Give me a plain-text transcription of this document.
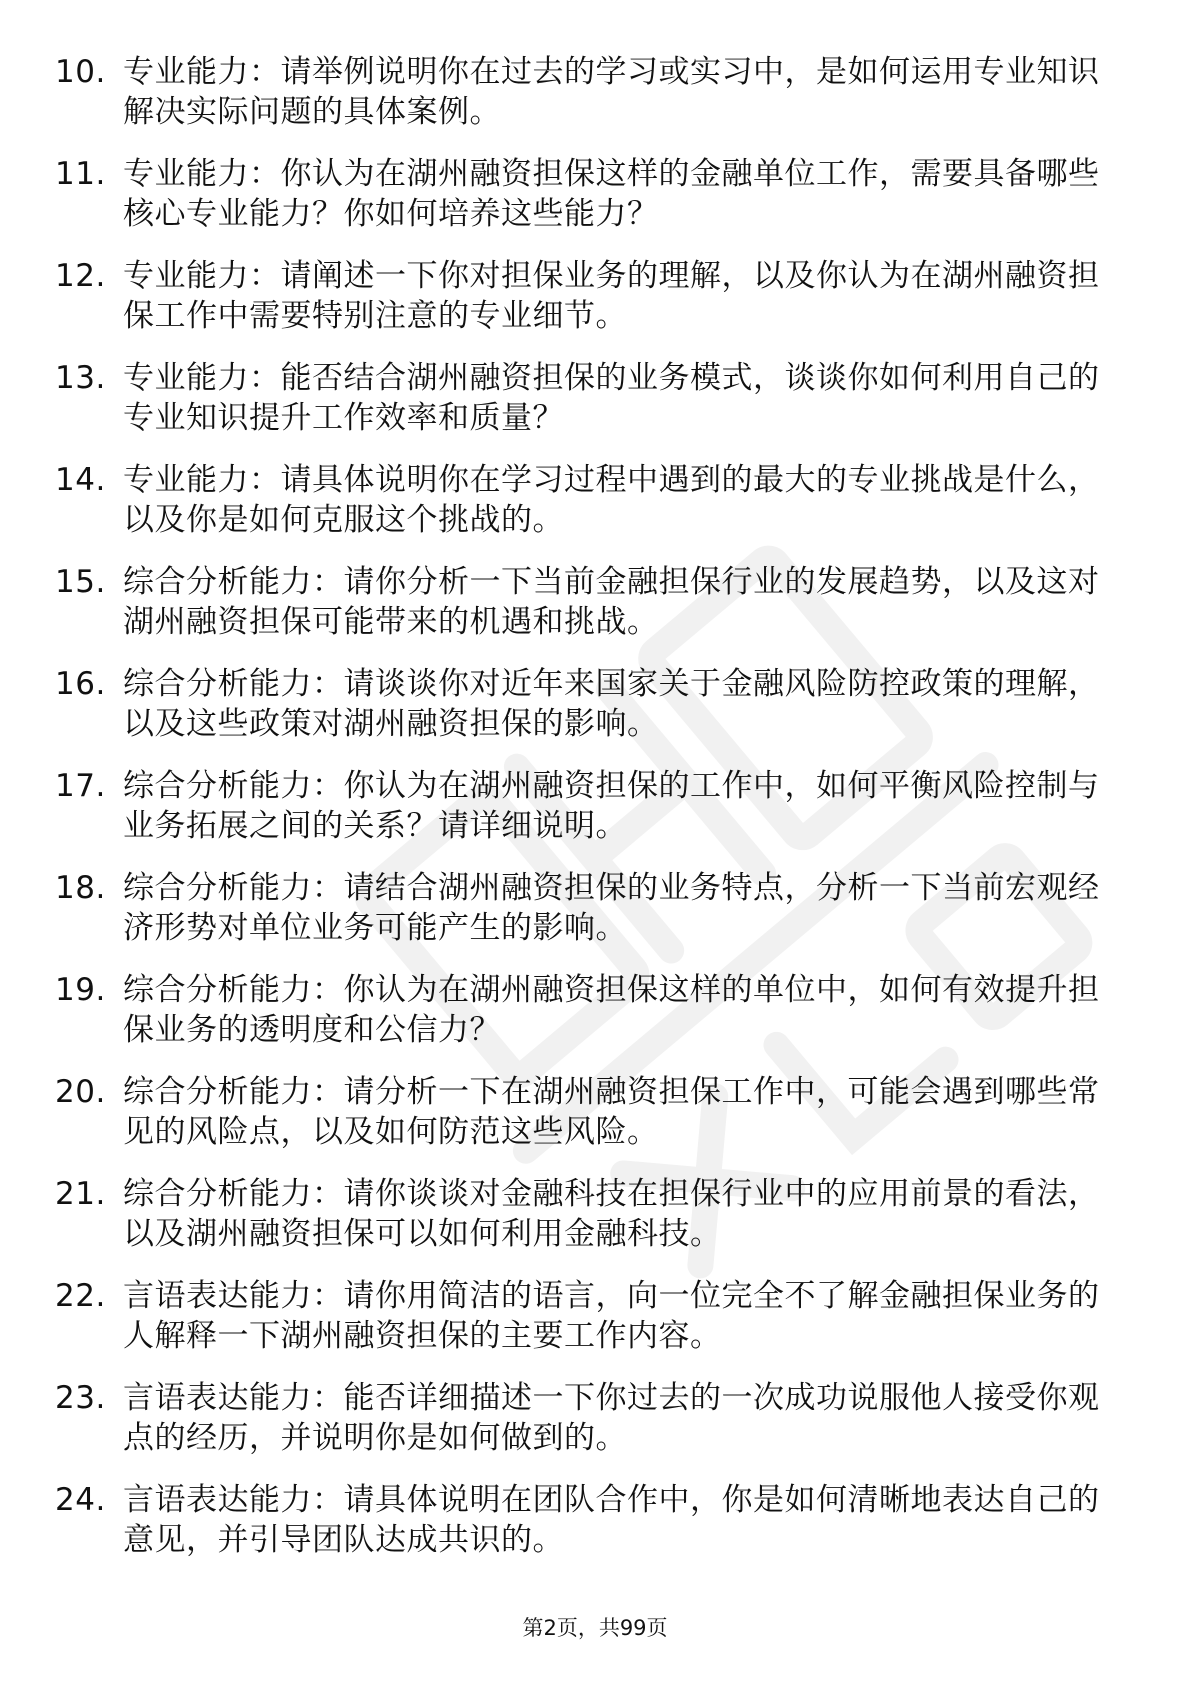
10. 专业能力：请举例说明你在过去的学习或实习中，是如何运用专业知识解决实际问题的具体案例。
11. 专业能力：你认为在湖州融资担保这样的金融单位工作，需要具备哪些核心专业能力？你如何培养这些能力？
12. 专业能力：请阐述一下你对担保业务的理解，以及你认为在湖州融资担保工作中需要特别注意的专业细节。
13. 专业能力：能否结合湖州融资担保的业务模式，谈谈你如何利用自己的专业知识提升工作效率和质量？
14. 专业能力：请具体说明你在学习过程中遇到的最大的专业挑战是什么，以及你是如何克服这个挑战的。
15. 综合分析能力：请你分析一下当前金融担保行业的发展趋势，以及这对湖州融资担保可能带来的机遇和挑战。
16. 综合分析能力：请谈谈你对近年来国家关于金融风险防控政策的理解，以及这些政策对湖州融资担保的影响。
17. 综合分析能力：你认为在湖州融资担保的工作中，如何平衡风险控制与业务拓展之间的关系？请详细说明。
18. 综合分析能力：请结合湖州融资担保的业务特点，分析一下当前宏观经济形势对单位业务可能产生的影响。
19. 综合分析能力：你认为在湖州融资担保这样的单位中，如何有效提升担保业务的透明度和公信力？
20. 综合分析能力：请分析一下在湖州融资担保工作中，可能会遇到哪些常见的风险点，以及如何防范这些风险。
21. 综合分析能力：请你谈谈对金融科技在担保行业中的应用前景的看法，以及湖州融资担保可以如何利用金融科技。
22. 言语表达能力：请你用简洁的语言，向一位完全不了解金融担保业务的人解释一下湖州融资担保的主要工作内容。
23. 言语表达能力：能否详细描述一下你过去的一次成功说服他人接受你观点的经历，并说明你是如何做到的。
24. 言语表达能力：请具体说明在团队合作中，你是如何清晰地表达自己的意见，并引导团队达成共识的。
第2页，共99页
